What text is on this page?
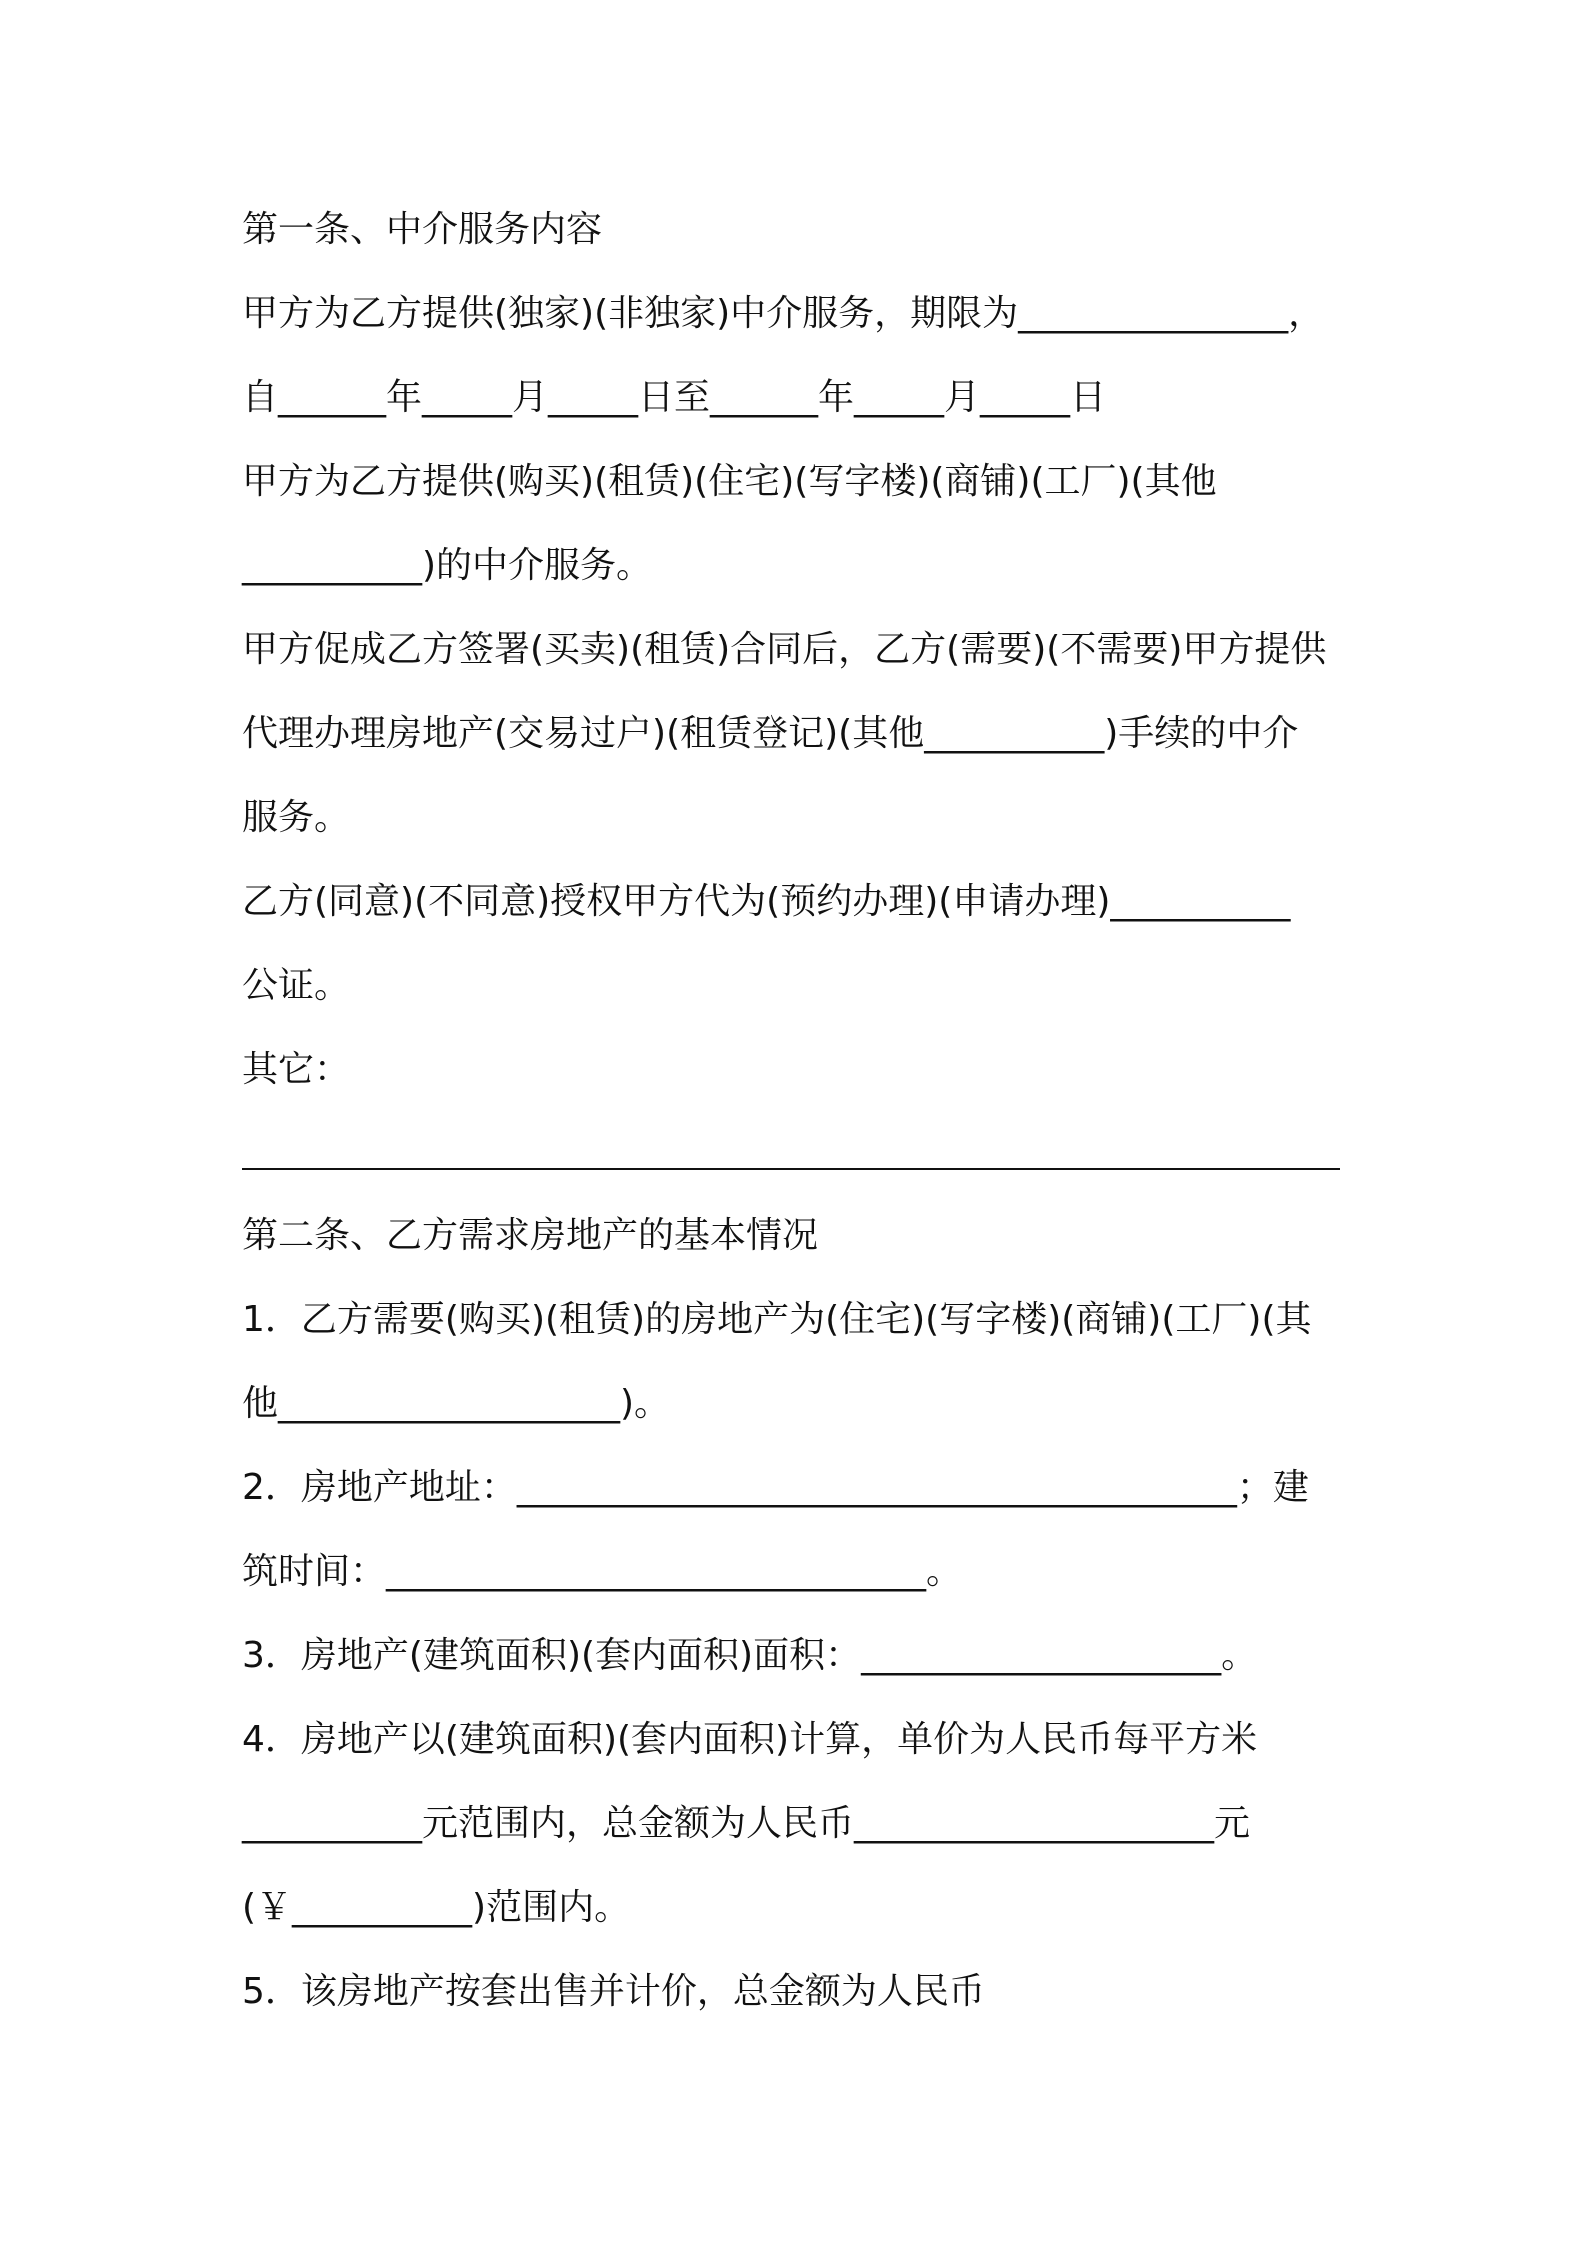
第一条、中介服务内容
甲方为乙方提供(独家)(非独家)中介服务，期限为_______________，
自______年_____月_____日至______年_____月_____日
甲方为乙方提供(购买)(租赁)(住宅)(写字楼)(商铺)(工厂)(其他
__________)的中介服务。
甲方促成乙方签署(买卖)(租赁)合同后，乙方(需要)(不需要)甲方提供
代理办理房地产(交易过户)(租赁登记)(其他__________)手续的中介
服务。
乙方(同意)(不同意)授权甲方代为(预约办理)(申请办理)__________
公证。
其它：
第二条、乙方需求房地产的基本情况
1．乙方需要(购买)(租赁)的房地产为(住宅)(写字楼)(商铺)(工厂)(其
他___________________)。
2．房地产地址：________________________________________；建
筑时间：______________________________。
3．房地产(建筑面积)(套内面积)面积：____________________。
4．房地产以(建筑面积)(套内面积)计算，单价为人民币每平方米
__________元范围内，总金额为人民币____________________元
(￥__________)范围内。
5．该房地产按套出售并计价，总金额为人民币
